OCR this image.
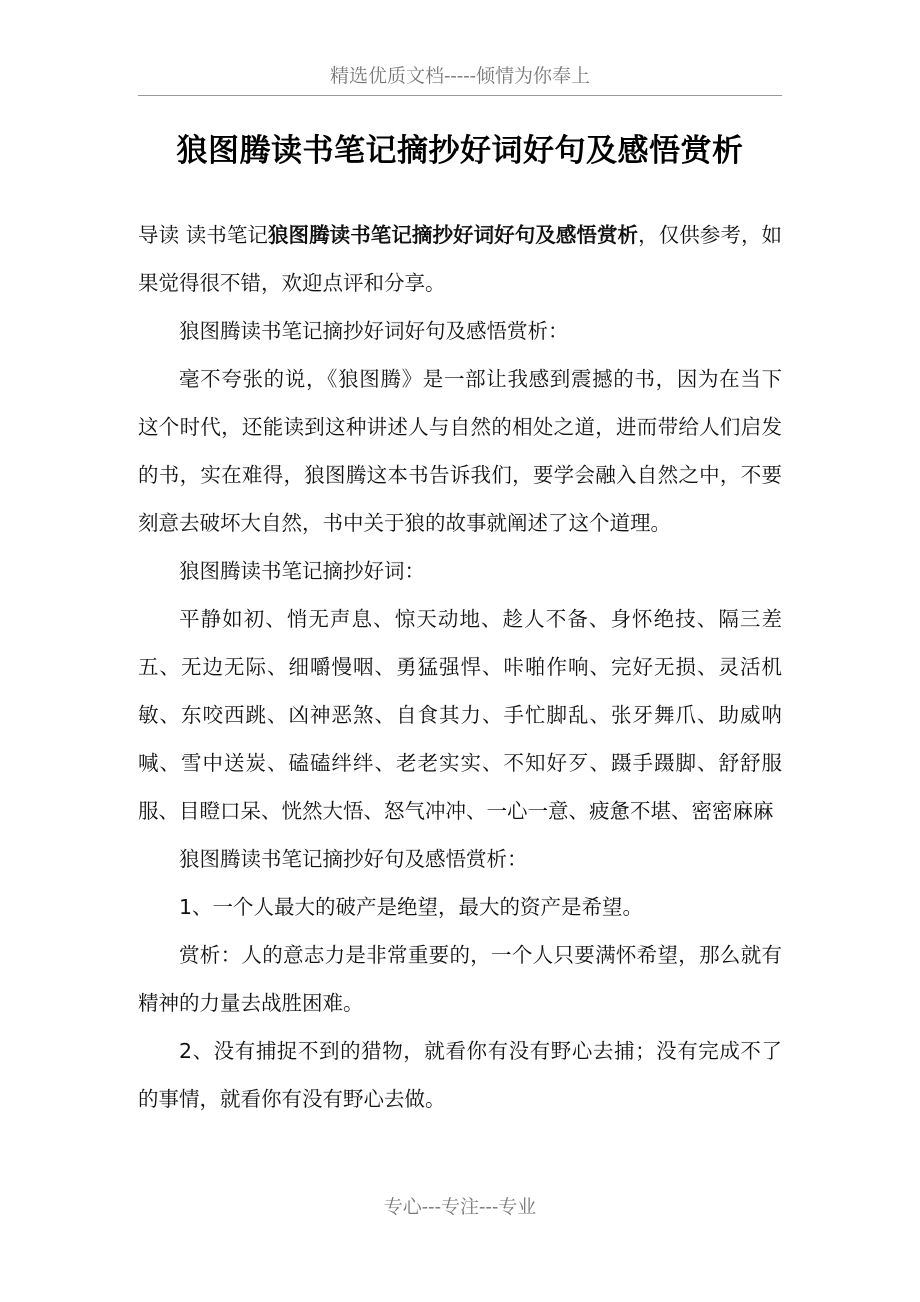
精选优质文档-----倾情为你奉上
狼图腾读书笔记摘抄好词好句及感悟赏析

导读 读书笔记狼图腾读书笔记摘抄好词好句及感悟赏析，仅供参考，如果觉得很不错，欢迎点评和分享。

狼图腾读书笔记摘抄好词好句及感悟赏析：

毫不夸张的说，《狼图腾》是一部让我感到震撼的书，因为在当下这个时代，还能读到这种讲述人与自然的相处之道，进而带给人们启发的书，实在难得，狼图腾这本书告诉我们，要学会融入自然之中，不要刻意去破坏大自然，书中关于狼的故事就阐述了这个道理。

狼图腾读书笔记摘抄好词：

平静如初、悄无声息、惊天动地、趁人不备、身怀绝技、隔三差五、无边无际、细嚼慢咽、勇猛强悍、咔啪作响、完好无损、灵活机敏、东咬西跳、凶神恶煞、自食其力、手忙脚乱、张牙舞爪、助威呐喊、雪中送炭、磕磕绊绊、老老实实、不知好歹、蹑手蹑脚、舒舒服服、目瞪口呆、恍然大悟、怒气冲冲、一心一意、疲惫不堪、密密麻麻

狼图腾读书笔记摘抄好句及感悟赏析：

1、一个人最大的破产是绝望，最大的资产是希望。

赏析：人的意志力是非常重要的，一个人只要满怀希望，那么就有精神的力量去战胜困难。

2、没有捕捉不到的猎物，就看你有没有野心去捕；没有完成不了的事情，就看你有没有野心去做。

专心---专注---专业
